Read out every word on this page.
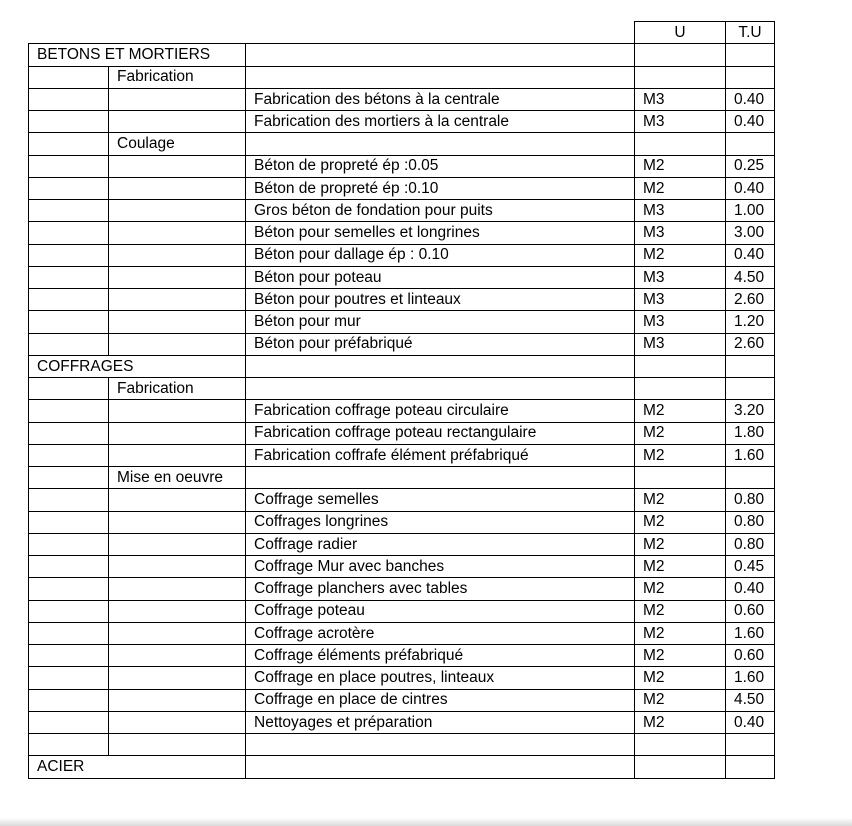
			U	T.U
BETONS ET MORTIERS				
	Fabrication			
		Fabrication des bétons à la centrale	M3	0.40
		Fabrication des mortiers à la centrale	M3	0.40
	Coulage			
		Béton de propreté ép :0.05	M2	0.25
		Béton de propreté ép :0.10	M2	0.40
		Gros béton de fondation pour puits	M3	1.00
		Béton pour semelles et longrines	M3	3.00
		Béton pour dallage ép : 0.10	M2	0.40
		Béton pour poteau	M3	4.50
		Béton pour poutres et linteaux	M3	2.60
		Béton pour mur	M3	1.20
		Béton pour préfabriqué	M3	2.60
COFFRAGES				
	Fabrication			
		Fabrication coffrage poteau circulaire	M2	3.20
		Fabrication coffrage poteau rectangulaire	M2	1.80
		Fabrication coffrafe élément préfabriqué	M2	1.60
	Mise en oeuvre			
		Coffrage semelles	M2	0.80
		Coffrages longrines	M2	0.80
		Coffrage radier	M2	0.80
		Coffrage Mur avec banches	M2	0.45
		Coffrage planchers avec tables	M2	0.40
		Coffrage poteau	M2	0.60
		Coffrage acrotère	M2	1.60
		Coffrage éléments préfabriqué	M2	0.60
		Coffrage en place poutres, linteaux	M2	1.60
		Coffrage en place de cintres	M2	4.50
		Nettoyages et préparation	M2	0.40

ACIER				
